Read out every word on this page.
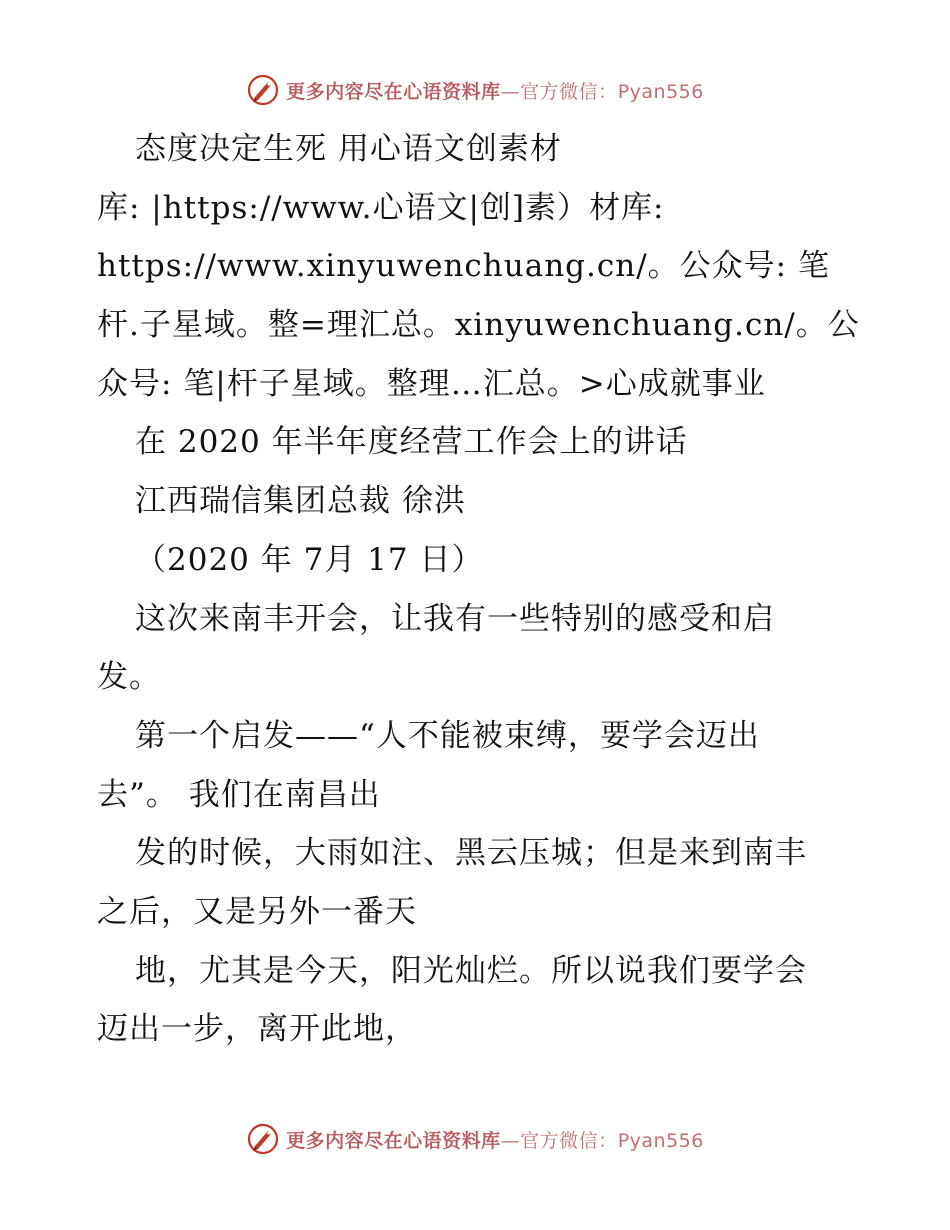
更多内容尽在心语资料库—官方微信：Pyan556
态度决定生死 用心语文创素材
库: |https://www.心语文|创]素）材库:
https://www.xinyuwenchuang.cn/。公众号: 笔
杆.子星域。整=理汇总。xinyuwenchuang.cn/。公
众号: 笔|杆子星域。整理…汇总。>心成就事业
在 2020 年半年度经营工作会上的讲话
江西瑞信集团总裁 徐洪
（2020 年 7月 17 日）
这次来南丰开会，让我有一些特别的感受和启
发。
第一个启发——“人不能被束缚，要学会迈出
去”。 我们在南昌出
发的时候，大雨如注、黑云压城；但是来到南丰
之后，又是另外一番天
地，尤其是今天，阳光灿烂。所以说我们要学会
迈出一步，离开此地，
更多内容尽在心语资料库—官方微信：Pyan556
